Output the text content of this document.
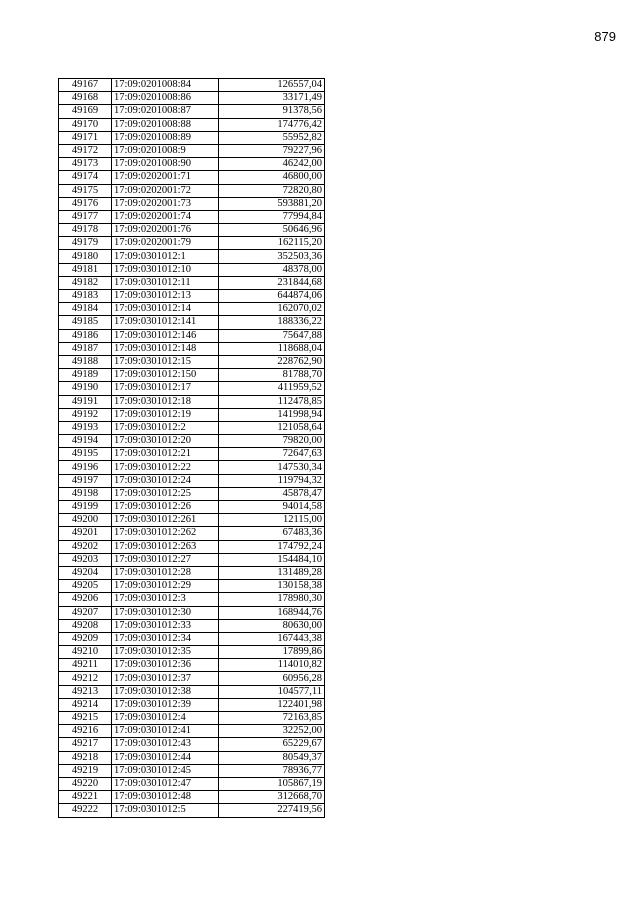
879
49167	17:09:0201008:84	126557,04
49168	17:09:0201008:86	33171,49
49169	17:09:0201008:87	91378,56
49170	17:09:0201008:88	174776,42
49171	17:09:0201008:89	55952,82
49172	17:09:0201008:9	79227,96
49173	17:09:0201008:90	46242,00
49174	17:09:0202001:71	46800,00
49175	17:09:0202001:72	72820,80
49176	17:09:0202001:73	593881,20
49177	17:09:0202001:74	77994,84
49178	17:09:0202001:76	50646,96
49179	17:09:0202001:79	162115,20
49180	17:09:0301012:1	352503,36
49181	17:09:0301012:10	48378,00
49182	17:09:0301012:11	231844,68
49183	17:09:0301012:13	644874,06
49184	17:09:0301012:14	162070,02
49185	17:09:0301012:141	188336,22
49186	17:09:0301012:146	75647,88
49187	17:09:0301012:148	118688,04
49188	17:09:0301012:15	228762,90
49189	17:09:0301012:150	81788,70
49190	17:09:0301012:17	411959,52
49191	17:09:0301012:18	112478,85
49192	17:09:0301012:19	141998,94
49193	17:09:0301012:2	121058,64
49194	17:09:0301012:20	79820,00
49195	17:09:0301012:21	72647,63
49196	17:09:0301012:22	147530,34
49197	17:09:0301012:24	119794,32
49198	17:09:0301012:25	45878,47
49199	17:09:0301012:26	94014,58
49200	17:09:0301012:261	12115,00
49201	17:09:0301012:262	67483,36
49202	17:09:0301012:263	174792,24
49203	17:09:0301012:27	154484,10
49204	17:09:0301012:28	131489,28
49205	17:09:0301012:29	130158,38
49206	17:09:0301012:3	178980,30
49207	17:09:0301012:30	168944,76
49208	17:09:0301012:33	80630,00
49209	17:09:0301012:34	167443,38
49210	17:09:0301012:35	17899,86
49211	17:09:0301012:36	114010,82
49212	17:09:0301012:37	60956,28
49213	17:09:0301012:38	104577,11
49214	17:09:0301012:39	122401,98
49215	17:09:0301012:4	72163,85
49216	17:09:0301012:41	32252,00
49217	17:09:0301012:43	65229,67
49218	17:09:0301012:44	80549,37
49219	17:09:0301012:45	78936,77
49220	17:09:0301012:47	105867,19
49221	17:09:0301012:48	312668,70
49222	17:09:0301012:5	227419,56
